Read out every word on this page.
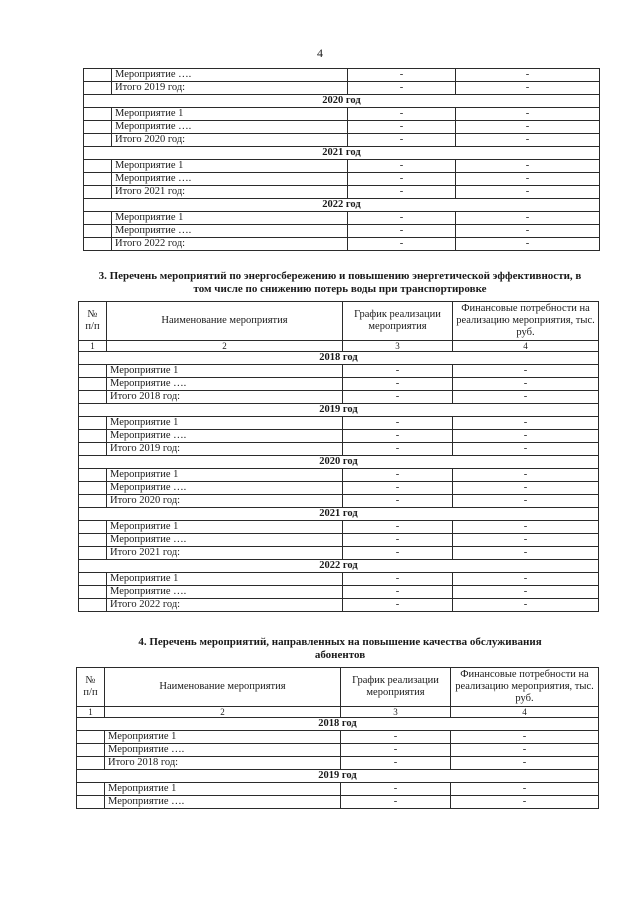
4
	Мероприятие ….	-	-
	Итого 2019 год:	-	-
2020 год			
	Мероприятие 1	-	-
	Мероприятие ….	-	-
	Итого 2020 год:	-	-
2021 год			
	Мероприятие 1	-	-
	Мероприятие ….	-	-
	Итого 2021 год:	-	-
2022 год			
	Мероприятие 1	-	-
	Мероприятие ….	-	-
	Итого 2022 год:	-	-
3. Перечень мероприятий по энергосбережению и повышению энергетической эффективности, в
том числе по снижению потерь воды при транспортировке
№ п/п	Наименование мероприятия	График реализации мероприятия	Финансовые потребности на реализацию мероприятия, тыс. руб.
1	2	3	4
2018 год			
	Мероприятие 1	-	-
	Мероприятие ….	-	-
	Итого 2018 год:	-	-
2019 год			
	Мероприятие 1	-	-
	Мероприятие ….	-	-
	Итого 2019 год:	-	-
2020 год			
	Мероприятие 1	-	-
	Мероприятие ….	-	-
	Итого 2020 год:	-	-
2021 год			
	Мероприятие 1	-	-
	Мероприятие ….	-	-
	Итого 2021 год:	-	-
2022 год			
	Мероприятие 1	-	-
	Мероприятие ….	-	-
	Итого 2022 год:	-	-
4. Перечень мероприятий, направленных на повышение качества обслуживания
абонентов
№ п/п	Наименование мероприятия	График реализации мероприятия	Финансовые потребности на реализацию мероприятия, тыс. руб.
1	2	3	4
2018 год			
	Мероприятие 1	-	-
	Мероприятие ….	-	-
	Итого 2018 год:	-	-
2019 год			
	Мероприятие 1	-	-
	Мероприятие ….	-	-
